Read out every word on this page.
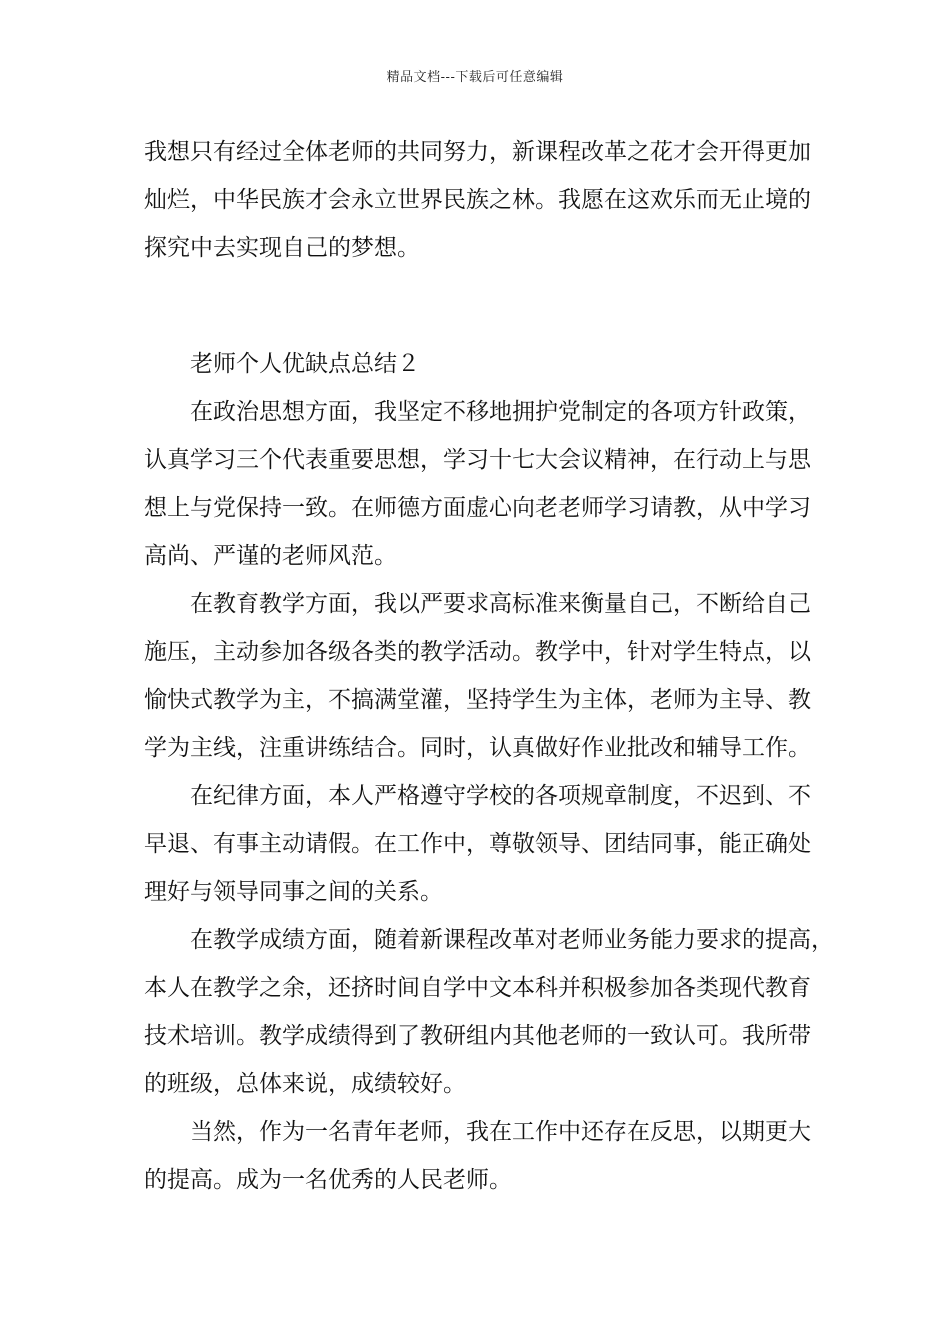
精品文档---下载后可任意编辑
我想只有经过全体老师的共同努力，新课程改革之花才会开得更加
灿烂，中华民族才会永立世界民族之林。我愿在这欢乐而无止境的
探究中去实现自己的梦想。
老师个人优缺点总结２
在政治思想方面，我坚定不移地拥护党制定的各项方针政策，
认真学习三个代表重要思想，学习十七大会议精神，在行动上与思
想上与党保持一致。在师德方面虚心向老老师学习请教，从中学习
高尚、严谨的老师风范。
在教育教学方面，我以严要求高标准来衡量自己，不断给自己
施压，主动参加各级各类的教学活动。教学中，针对学生特点，以
愉快式教学为主，不搞满堂灌，坚持学生为主体，老师为主导、教
学为主线，注重讲练结合。同时，认真做好作业批改和辅导工作。
在纪律方面，本人严格遵守学校的各项规章制度，不迟到、不
早退、有事主动请假。在工作中，尊敬领导、团结同事，能正确处
理好与领导同事之间的关系。
在教学成绩方面，随着新课程改革对老师业务能力要求的提高，
本人在教学之余，还挤时间自学中文本科并积极参加各类现代教育
技术培训。教学成绩得到了教研组内其他老师的一致认可。我所带
的班级，总体来说，成绩较好。
当然，作为一名青年老师，我在工作中还存在反思，以期更大
的提高。成为一名优秀的人民老师。
